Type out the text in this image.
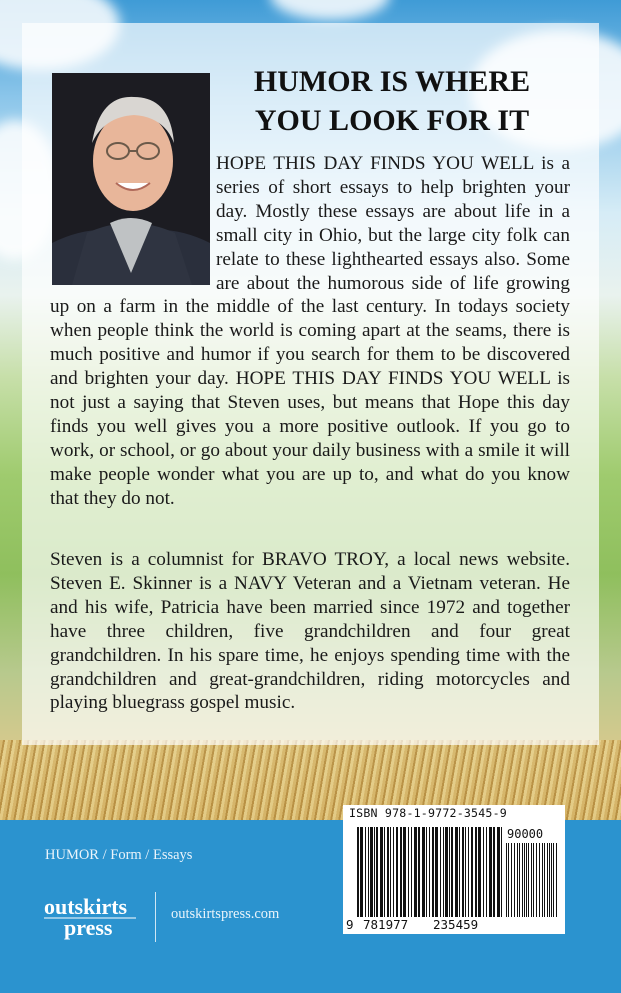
HUMOR IS WHERE
YOU LOOK FOR IT

HOPE THIS DAY FINDS YOU WELL is a series of short essays to help brighten your day. Mostly these essays are about life in a small city in Ohio, but the large city folk can relate to these lighthearted essays also. Some are about the humorous side of life growing up on a farm in the middle of the last century. In todays society when people think the world is coming apart at the seams, there is much positive and humor if you search for them to be discovered and brighten your day. HOPE THIS DAY FINDS YOU WELL is not just a saying that Steven uses, but means that Hope this day finds you well gives you a more positive outlook. If you go to work, or school, or go about your daily business with a smile it will make people wonder what you are up to, and what do you know that they do not.

Steven is a columnist for BRAVO TROY, a local news website. Steven E. Skinner is a NAVY Veteran and a Vietnam veteran. He and his wife, Patricia have been married since 1972 and together have three children, five grandchildren and four great grandchildren. In his spare time, he enjoys spending time with the grandchildren and great-grandchildren, riding motorcycles and playing bluegrass gospel music.

HUMOR / Form / Essays

outskirts
press

outskirtspress.com

ISBN 978-1-9772-3545-9

90000

9 781977 235459
